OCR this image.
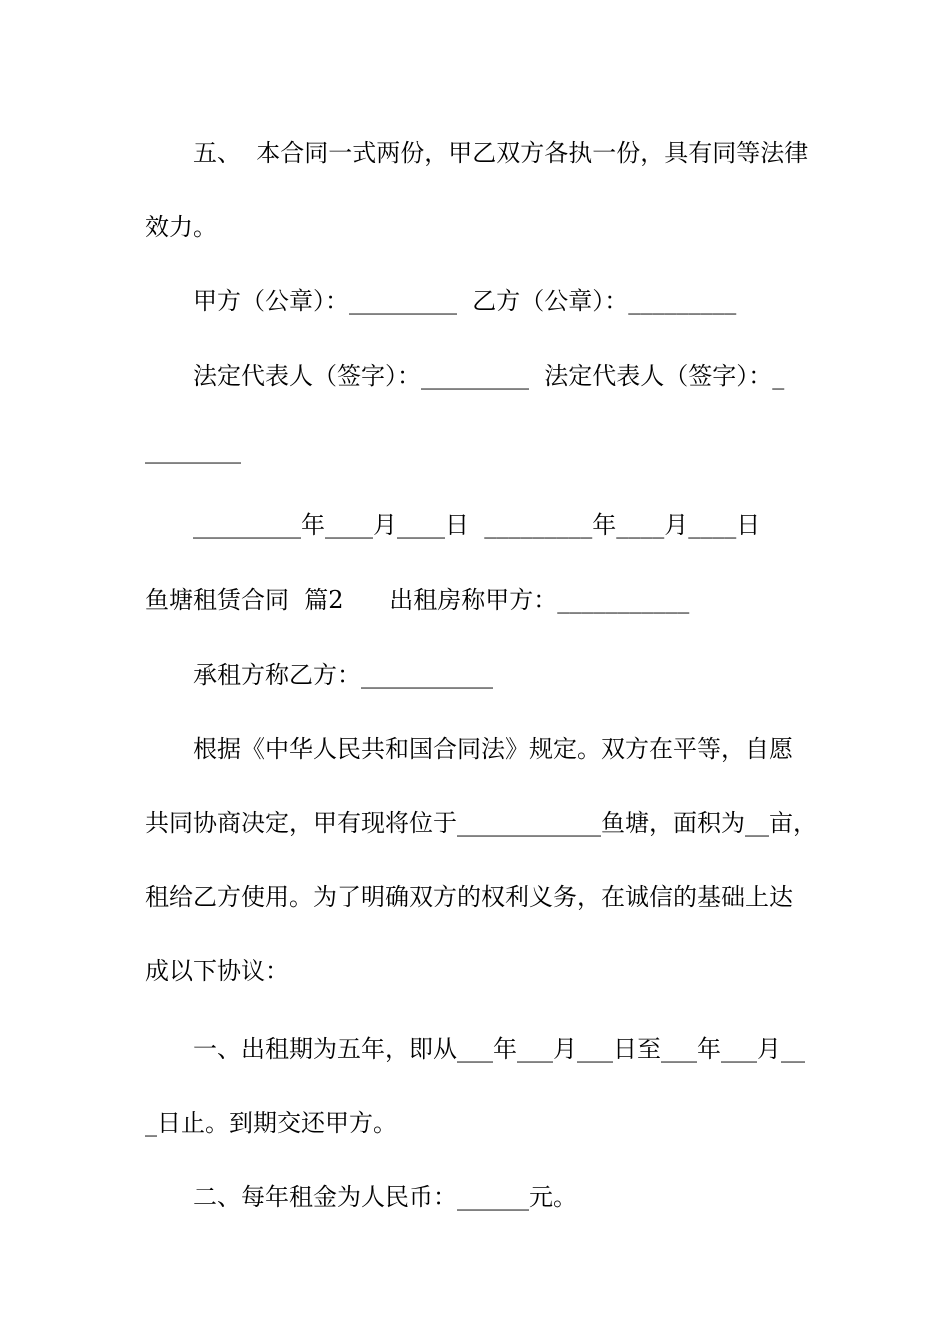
五、  本合同一式两份，甲乙双方各执一份，具有同等法律
效力。
甲方（公章）：_________  乙方（公章）：_________
法定代表人（签字）：_________  法定代表人（签字）：_
________
_________年____月____日  _________年____月____日
鱼塘租赁合同  篇2      出租房称甲方：___________
承租方称乙方：___________
根据《中华人民共和国合同法》规定。双方在平等，自愿
共同协商决定，甲有现将位于____________鱼塘，面积为__亩，
租给乙方使用。为了明确双方的权利义务，在诚信的基础上达
成以下协议：
一、出租期为五年，即从___年___月___日至___年___月__
_日止。到期交还甲方。
二、每年租金为人民币：______元。
